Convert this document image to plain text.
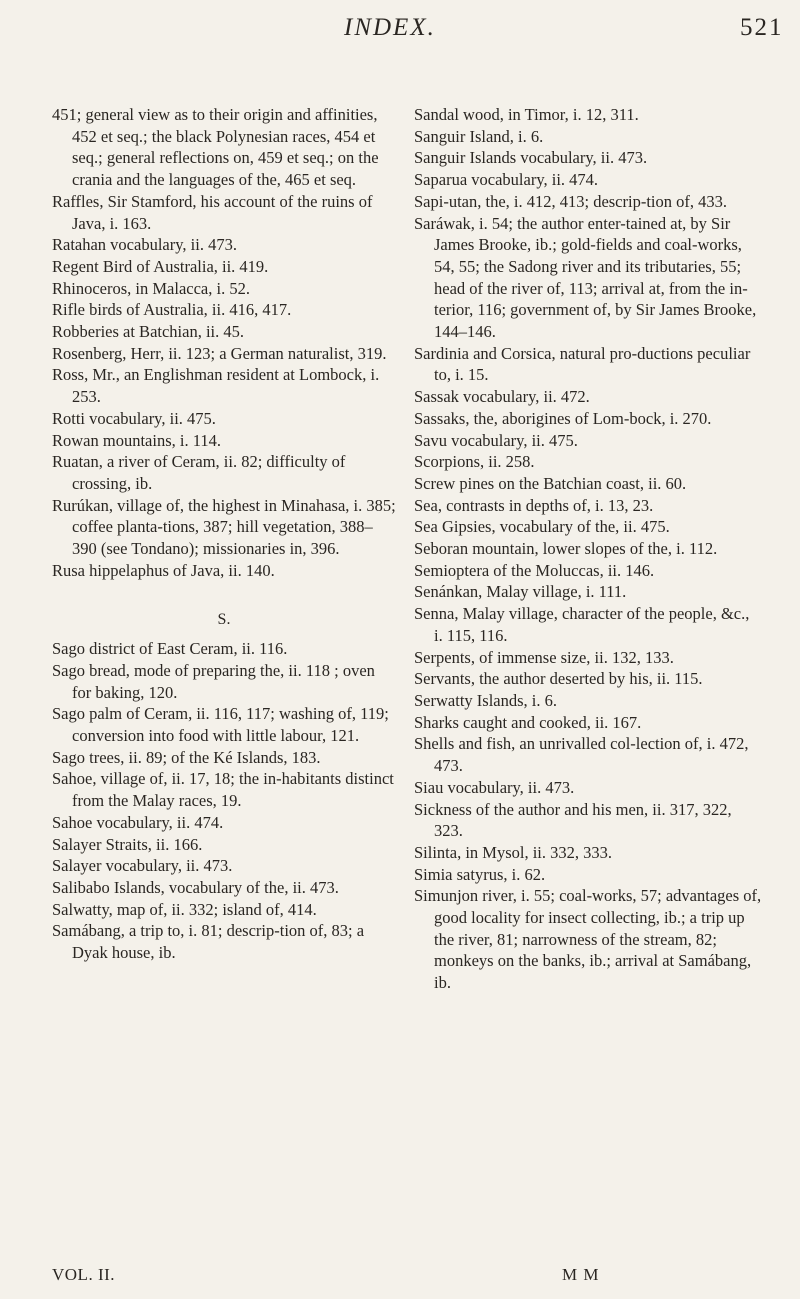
INDEX.	521
451; general view as to their origin and affinities, 452 et seq.; the black Polynesian races, 454 et seq.; general reflections on, 459 et seq.; on the crania and the languages of the, 465 et seq.
Raffles, Sir Stamford, his account of the ruins of Java, i. 163.
Ratahan vocabulary, ii. 473.
Regent Bird of Australia, ii. 419.
Rhinoceros, in Malacca, i. 52.
Rifle birds of Australia, ii. 416, 417.
Robberies at Batchian, ii. 45.
Rosenberg, Herr, ii. 123; a German naturalist, 319.
Ross, Mr., an Englishman resident at Lombock, i. 253.
Rotti vocabulary, ii. 475.
Rowan mountains, i. 114.
Ruatan, a river of Ceram, ii. 82; difficulty of crossing, ib.
Rurúkan, village of, the highest in Minahasa, i. 385; coffee planta-tions, 387; hill vegetation, 388–390 (see Tondano); missionaries in, 396.
Rusa hippelaphus of Java, ii. 140.
S.
Sago district of East Ceram, ii. 116.
Sago bread, mode of preparing the, ii. 118 ; oven for baking, 120.
Sago palm of Ceram, ii. 116, 117; washing of, 119; conversion into food with little labour, 121.
Sago trees, ii. 89; of the Ké Islands, 183.
Sahoe, village of, ii. 17, 18; the in-habitants distinct from the Malay races, 19.
Sahoe vocabulary, ii. 474.
Salayer Straits, ii. 166.
Salayer vocabulary, ii. 473.
Salibabo Islands, vocabulary of the, ii. 473.
Salwatty, map of, ii. 332; island of, 414.
Samábang, a trip to, i. 81; descrip-tion of, 83; a Dyak house, ib.
Sandal wood, in Timor, i. 12, 311.
Sanguir Island, i. 6.
Sanguir Islands vocabulary, ii. 473.
Saparua vocabulary, ii. 474.
Sapi-utan, the, i. 412, 413; descrip-tion of, 433.
Saráwak, i. 54; the author enter-tained at, by Sir James Brooke, ib.; gold-fields and coal-works, 54, 55; the Sadong river and its tributaries, 55; head of the river of, 113; arrival at, from the in-terior, 116; government of, by Sir James Brooke, 144–146.
Sardinia and Corsica, natural pro-ductions peculiar to, i. 15.
Sassak vocabulary, ii. 472.
Sassaks, the, aborigines of Lom-bock, i. 270.
Savu vocabulary, ii. 475.
Scorpions, ii. 258.
Screw pines on the Batchian coast, ii. 60.
Sea, contrasts in depths of, i. 13, 23.
Sea Gipsies, vocabulary of the, ii. 475.
Seboran mountain, lower slopes of the, i. 112.
Semioptera of the Moluccas, ii. 146.
Senánkan, Malay village, i. 111.
Senna, Malay village, character of the people, &c., i. 115, 116.
Serpents, of immense size, ii. 132, 133.
Servants, the author deserted by his, ii. 115.
Serwatty Islands, i. 6.
Sharks caught and cooked, ii. 167.
Shells and fish, an unrivalled col-lection of, i. 472, 473.
Siau vocabulary, ii. 473.
Sickness of the author and his men, ii. 317, 322, 323.
Silinta, in Mysol, ii. 332, 333.
Simia satyrus, i. 62.
Simunjon river, i. 55; coal-works, 57; advantages of, good locality for insect collecting, ib.; a trip up the river, 81; narrowness of the stream, 82; monkeys on the banks, ib.; arrival at Samábang, ib.
VOL. II.	M M
